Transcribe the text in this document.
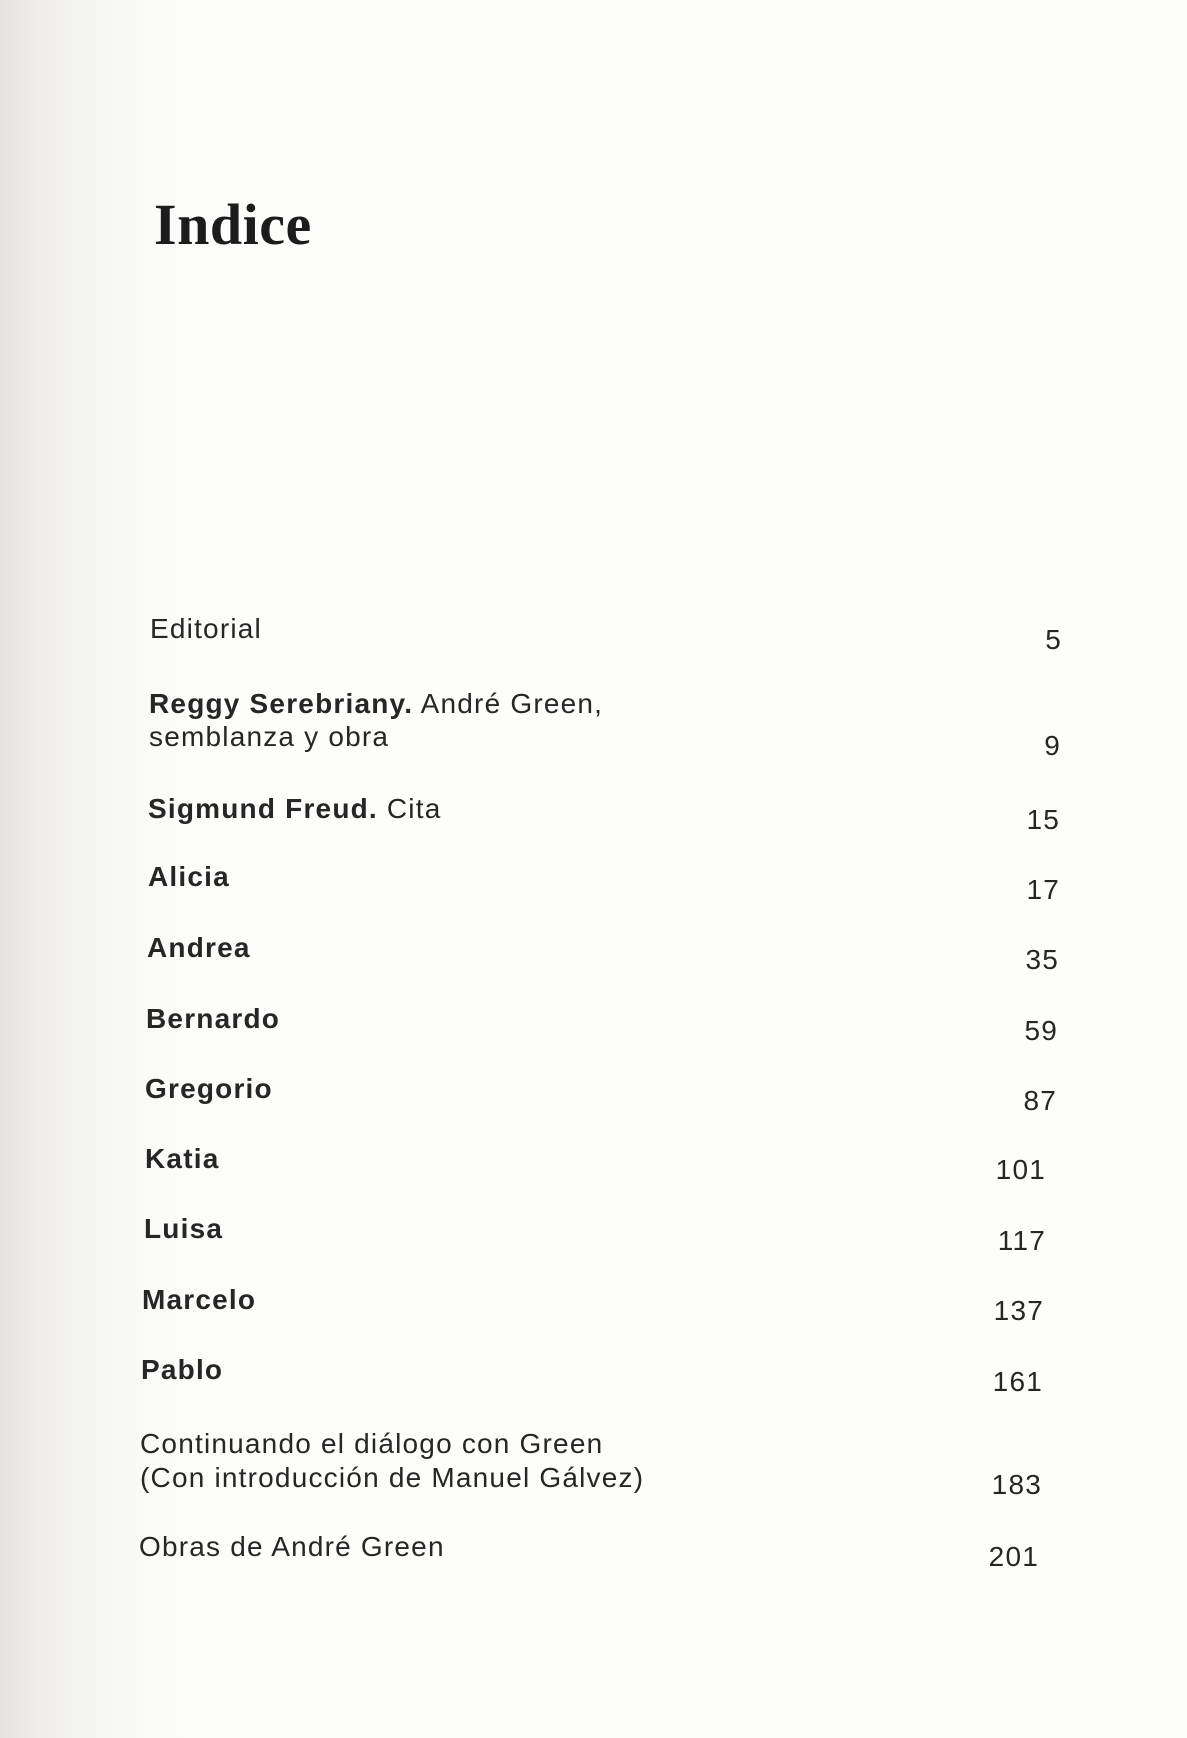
Indice
Editorial	5
Reggy Serebriany. André Green, semblanza y obra	9
Sigmund Freud. Cita	15
Alicia	17
Andrea	35
Bernardo	59
Gregorio	87
Katia	101
Luisa	117
Marcelo	137
Pablo	161
Continuando el diálogo con Green
(Con introducción de Manuel Gálvez)	183
Obras de André Green	201
